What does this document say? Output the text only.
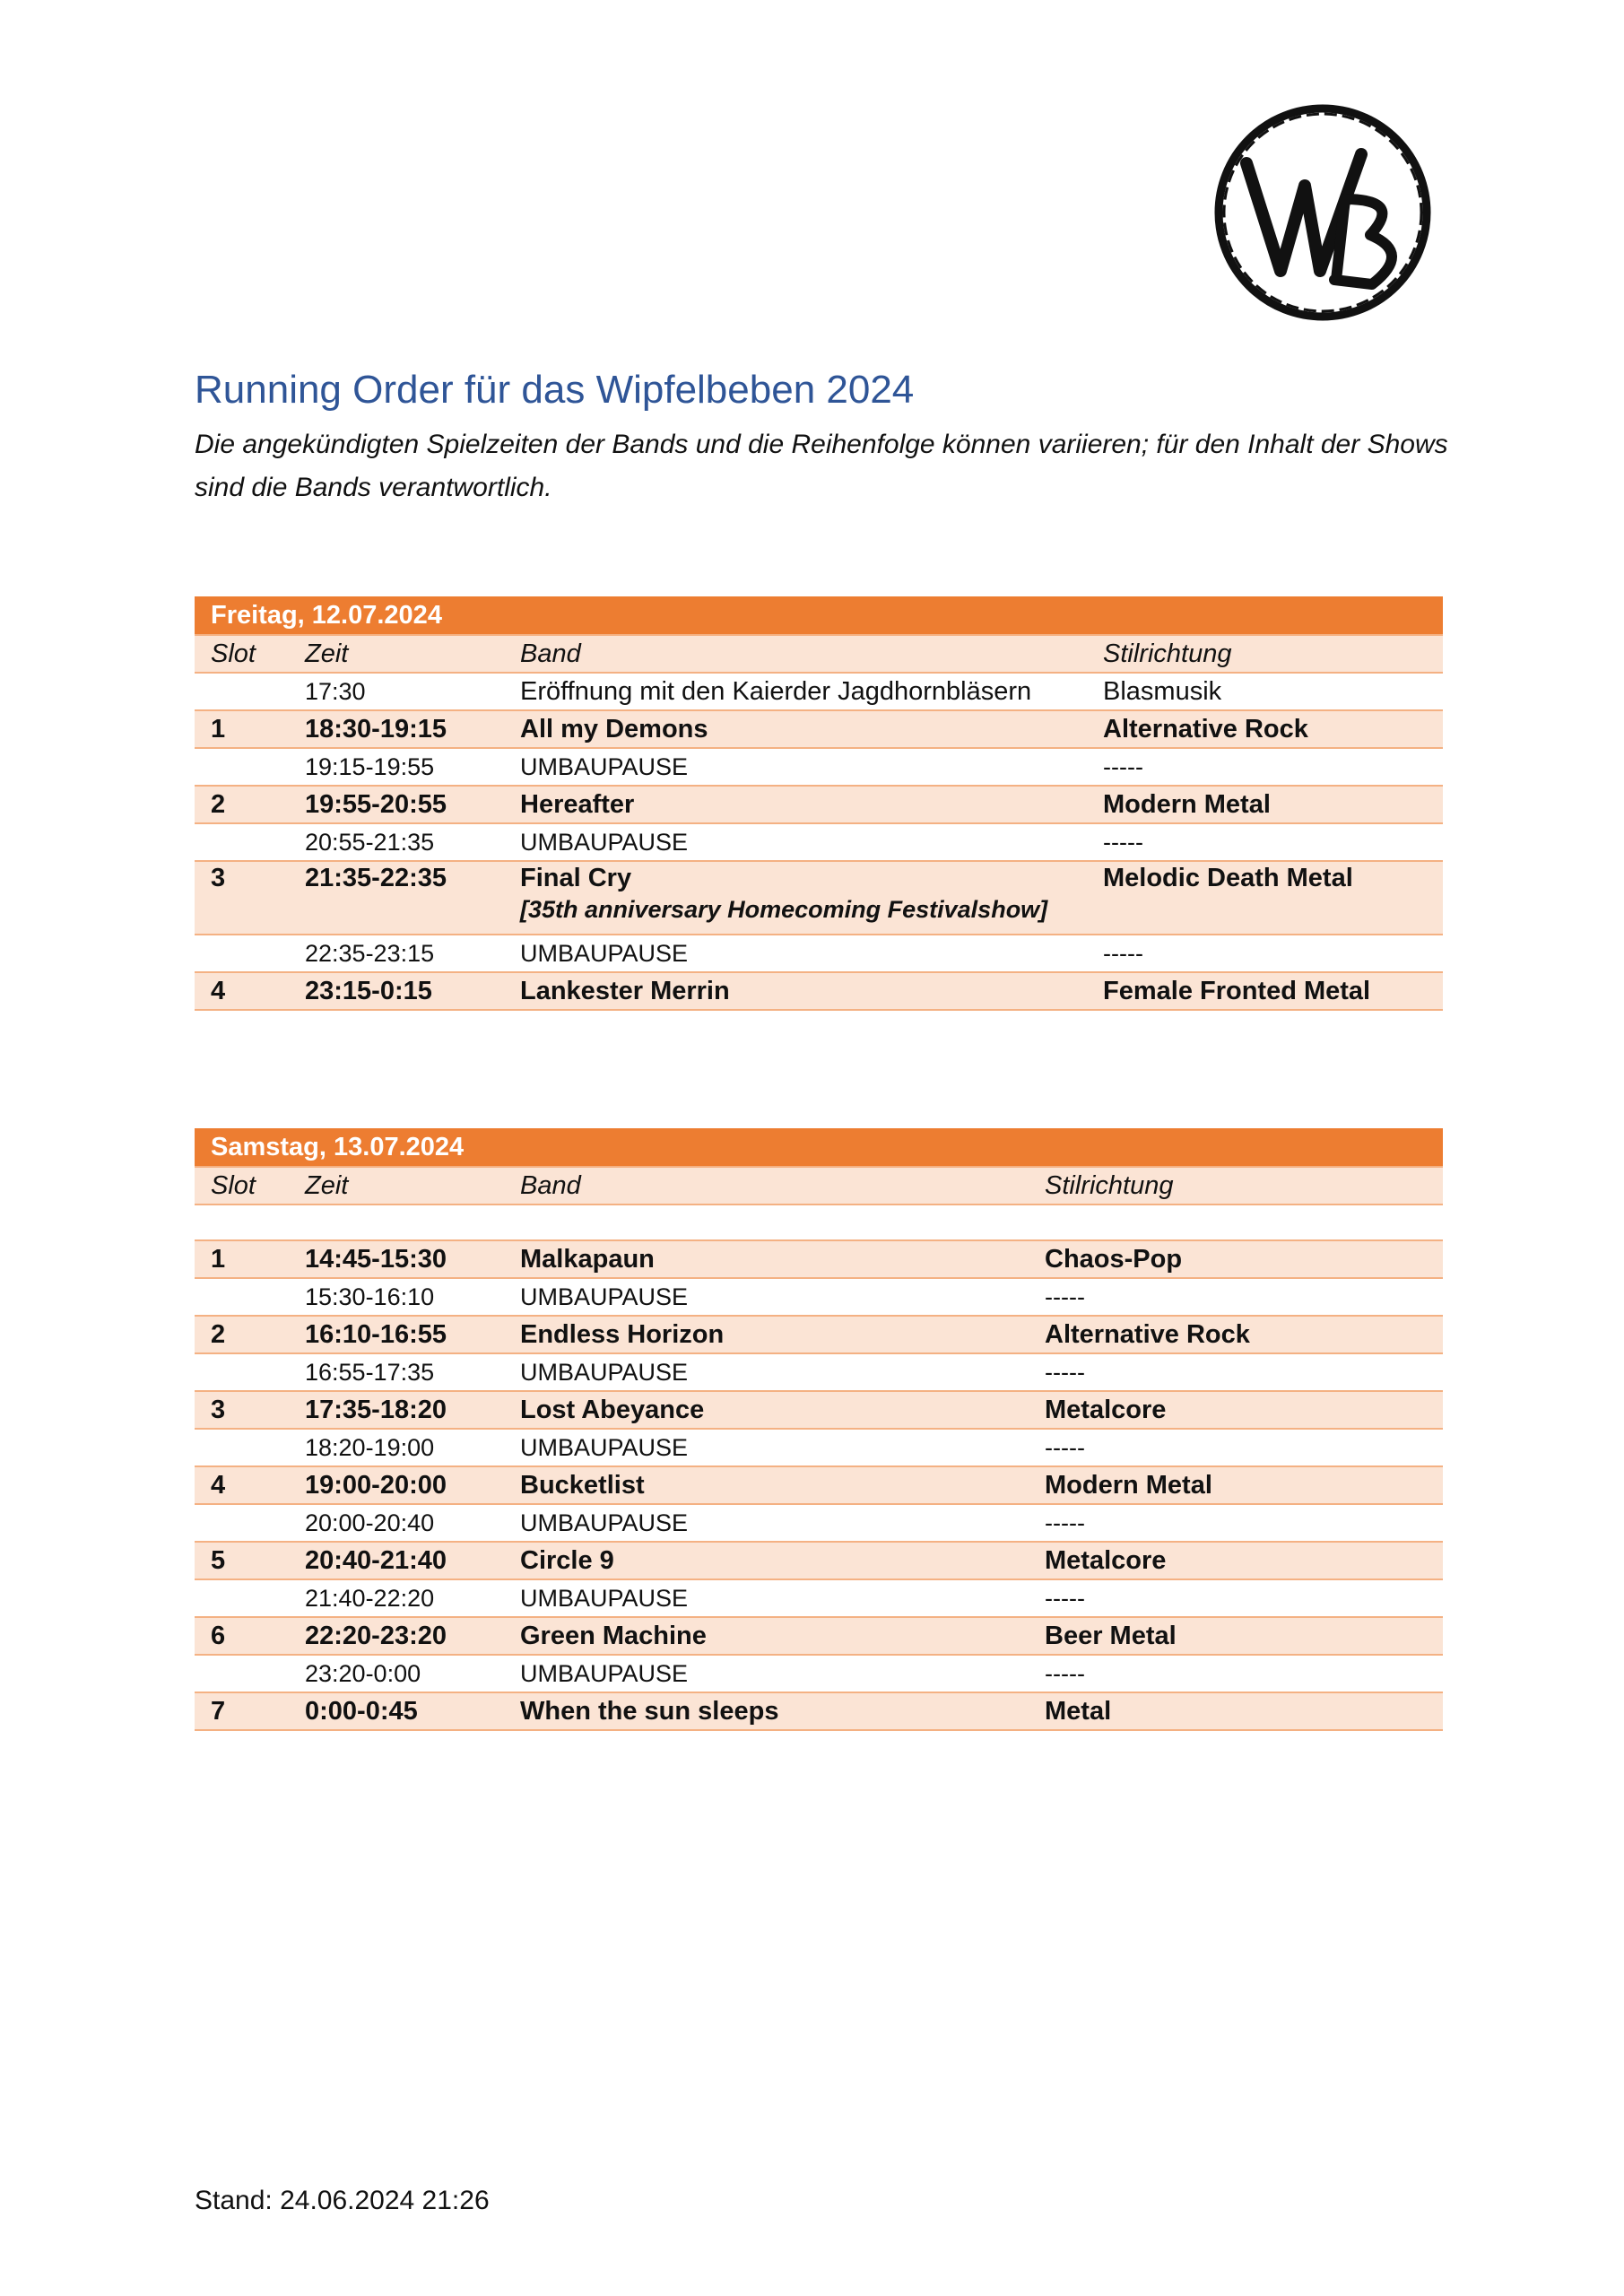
Running Order für das Wipfelbeben 2024
Die angekündigten Spielzeiten der Bands und die Reihenfolge können variieren; für den Inhalt der Shows sind die Bands verantwortlich.
Freitag, 12.07.2024			
Slot	Zeit	Band	Stilrichtung
	17:30	Eröffnung mit den Kaierder Jagdhornbläsern	Blasmusik
1	18:30-19:15	All my Demons	Alternative Rock
	19:15-19:55	UMBAUPAUSE	-----
2	19:55-20:55	Hereafter	Modern Metal
	20:55-21:35	UMBAUPAUSE	-----
3	21:35-22:35	Final Cry
[35th anniversary Homecoming Festivalshow]	Melodic Death Metal
	22:35-23:15	UMBAUPAUSE	-----
4	23:15-0:15	Lankester Merrin	Female Fronted Metal
Samstag, 13.07.2024			
Slot	Zeit	Band	Stilrichtung

1	14:45-15:30	Malkapaun	Chaos-Pop
	15:30-16:10	UMBAUPAUSE	-----
2	16:10-16:55	Endless Horizon	Alternative Rock
	16:55-17:35	UMBAUPAUSE	-----
3	17:35-18:20	Lost Abeyance	Metalcore
	18:20-19:00	UMBAUPAUSE	-----
4	19:00-20:00	Bucketlist	Modern Metal
	20:00-20:40	UMBAUPAUSE	-----
5	20:40-21:40	Circle 9	Metalcore
	21:40-22:20	UMBAUPAUSE	-----
6	22:20-23:20	Green Machine	Beer Metal
	23:20-0:00	UMBAUPAUSE	-----
7	0:00-0:45	When the sun sleeps	Metal
Stand: 24.06.2024 21:26
